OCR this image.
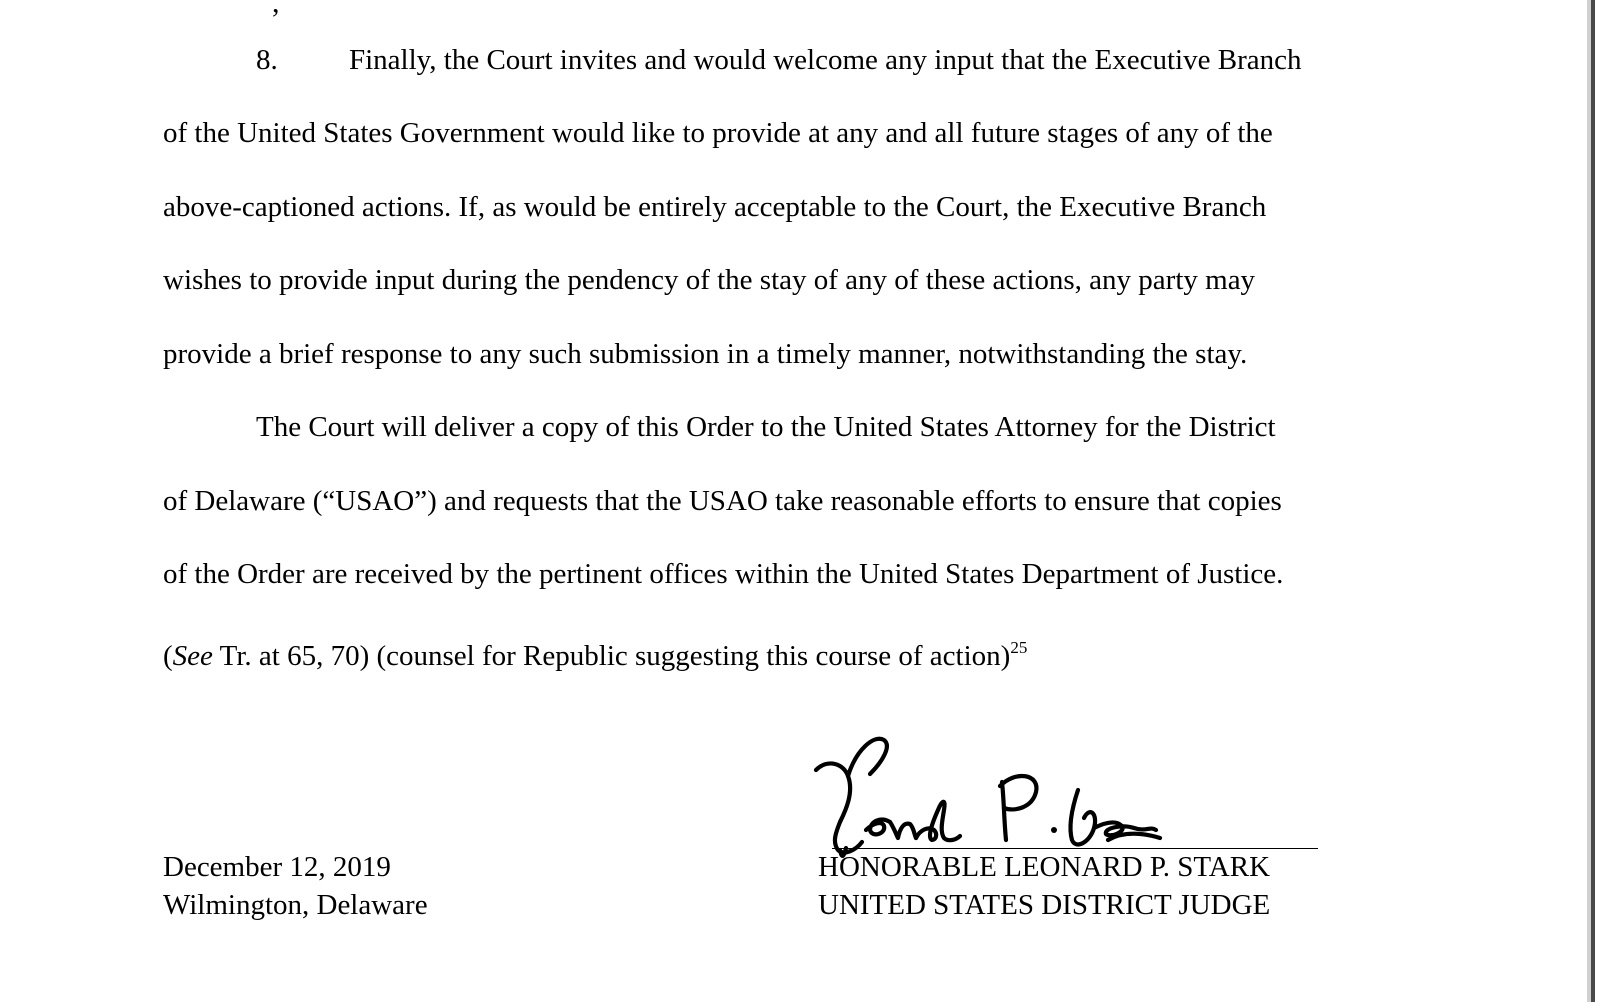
,
8. Finally, the Court invites and would welcome any input that the Executive Branch
of the United States Government would like to provide at any and all future stages of any of the
above-captioned actions. If, as would be entirely acceptable to the Court, the Executive Branch
wishes to provide input during the pendency of the stay of any of these actions, any party may
provide a brief response to any such submission in a timely manner, notwithstanding the stay.
The Court will deliver a copy of this Order to the United States Attorney for the District
of Delaware (“USAO”) and requests that the USAO take reasonable efforts to ensure that copies
of the Order are received by the pertinent offices within the United States Department of Justice.
(See Tr. at 65, 70) (counsel for Republic suggesting this course of action)$^{25}$
December 12, 2019
Wilmington, Delaware
HONORABLE LEONARD P. STARK
UNITED STATES DISTRICT JUDGE
